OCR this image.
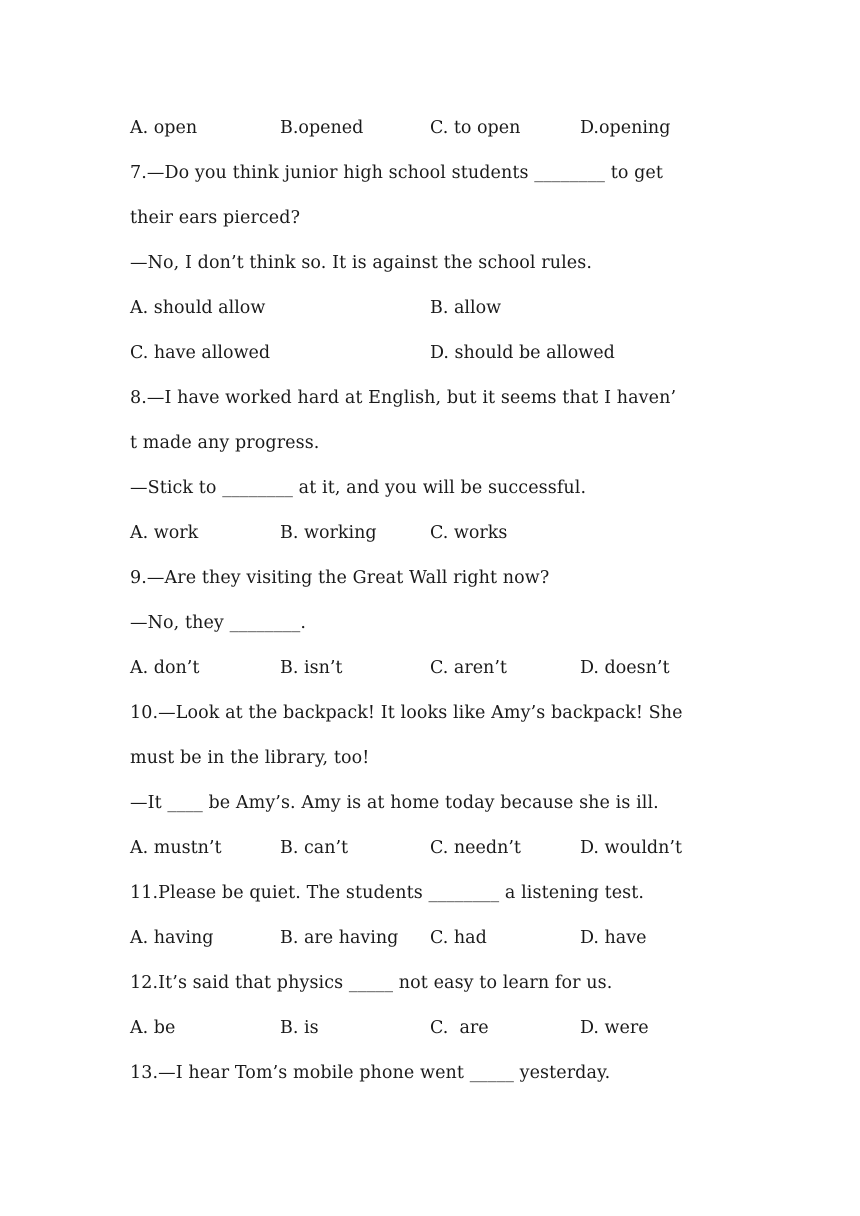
A. open	B.opened	C. to open	D.opening
7.—Do you think junior high school students ________ to get
their ears pierced?
—No, I don’t think so. It is against the school rules.
A. should allow	B. allow
C. have allowed	D. should be allowed
8.—I have worked hard at English, but it seems that I haven’
t made any progress.
—Stick to ________ at it, and you will be successful.
A. work	B. working	C. works
9.—Are they visiting the Great Wall right now?
—No, they ________.
A. don’t	B. isn’t	C. aren’t	D. doesn’t
10.—Look at the backpack! It looks like Amy’s backpack! She
must be in the library, too!
—It ____ be Amy’s. Amy is at home today because she is ill.
A. mustn’t	B. can’t	C. needn’t	D. wouldn’t
11.Please be quiet. The students ________ a listening test.
A. having	B. are having C. had	D. have
12.It’s said that physics _____ not easy to learn for us.
A. be	B. is	C.  are	D. were
13.—I hear Tom’s mobile phone went _____ yesterday.
